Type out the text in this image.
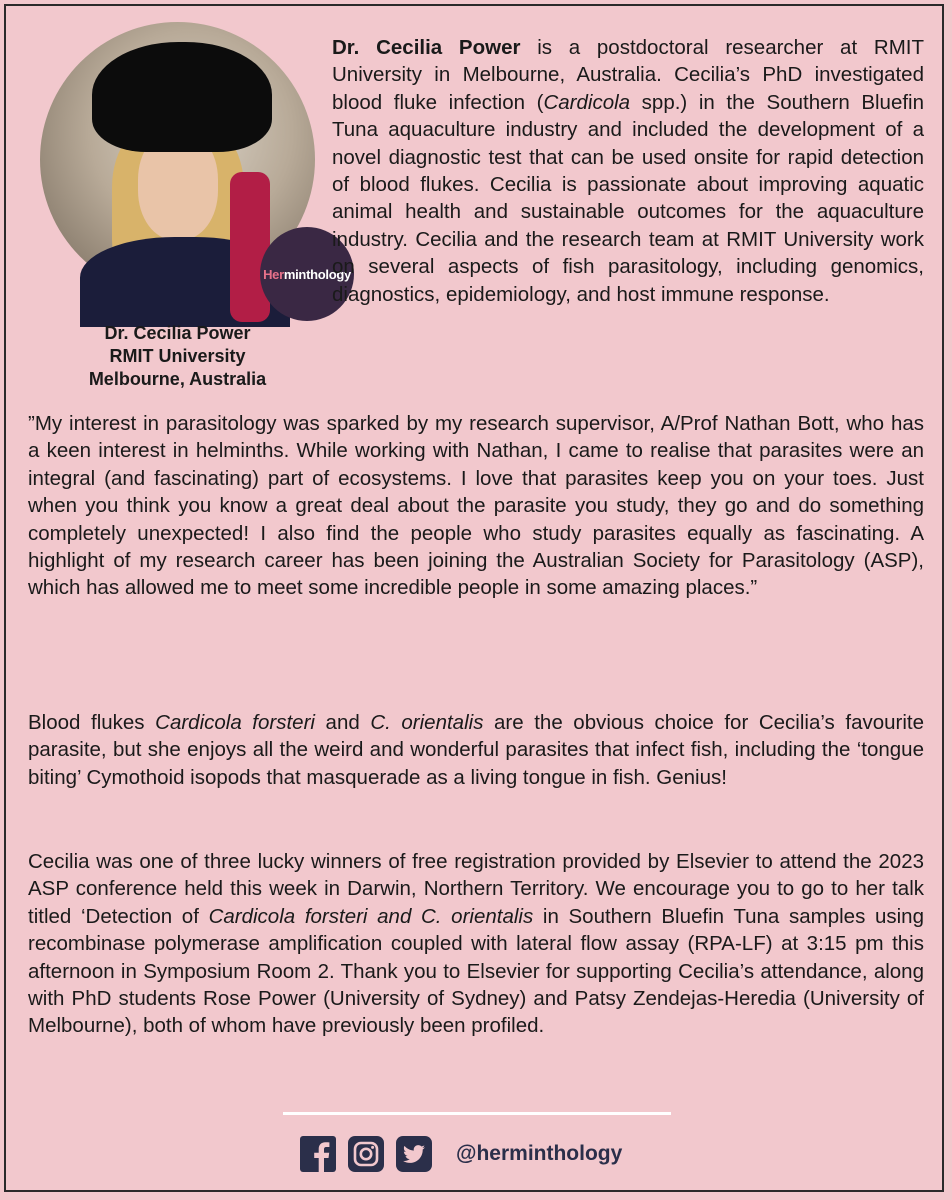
Herminthology
Dr. Cecilia Power
RMIT University
Melbourne, Australia
Dr. Cecilia Power is a postdoctoral researcher at RMIT University in Melbourne, Australia. Cecilia’s PhD investigated blood fluke infection (Cardicola spp.) in the Southern Bluefin Tuna aquaculture industry and included the development of a novel diagnostic test that can be used onsite for rapid detection of blood flukes. Cecilia is passionate about improving aquatic animal health and sustainable outcomes for the aquaculture industry. Cecilia and the research team at RMIT University work on several aspects of fish parasitology, including genomics, diagnostics, epidemiology, and host immune response.
”My interest in parasitology was sparked by my research supervisor, A/Prof Nathan Bott, who has a keen interest in helminths. While working with Nathan, I came to realise that parasites were an integral (and fascinating) part of ecosystems. I love that parasites keep you on your toes. Just when you think you know a great deal about the parasite you study, they go and do something completely unexpected! I also find the people who study parasites equally as fascinating. A highlight of my research career has been joining the Australian Society for Parasitology (ASP), which has allowed me to meet some incredible people in some amazing places.”
Blood flukes Cardicola forsteri and C. orientalis are the obvious choice for Cecilia’s favourite parasite, but she enjoys all the weird and wonderful parasites that infect fish, including the ‘tongue biting’ Cymothoid isopods that masquerade as a living tongue in fish. Genius!
Cecilia was one of three lucky winners of free registration provided by Elsevier to attend the 2023 ASP conference held this week in Darwin, Northern Territory. We encourage you to go to her talk titled ‘Detection of Cardicola forsteri and C. orientalis in Southern Bluefin Tuna samples using recombinase polymerase amplification coupled with lateral flow assay (RPA-LF) at 3:15 pm this afternoon in Symposium Room 2. Thank you to Elsevier for supporting Cecilia’s attendance, along with PhD students Rose Power (University of Sydney) and Patsy Zendejas-Heredia (University of Melbourne), both of whom have previously been profiled.
@herminthology
